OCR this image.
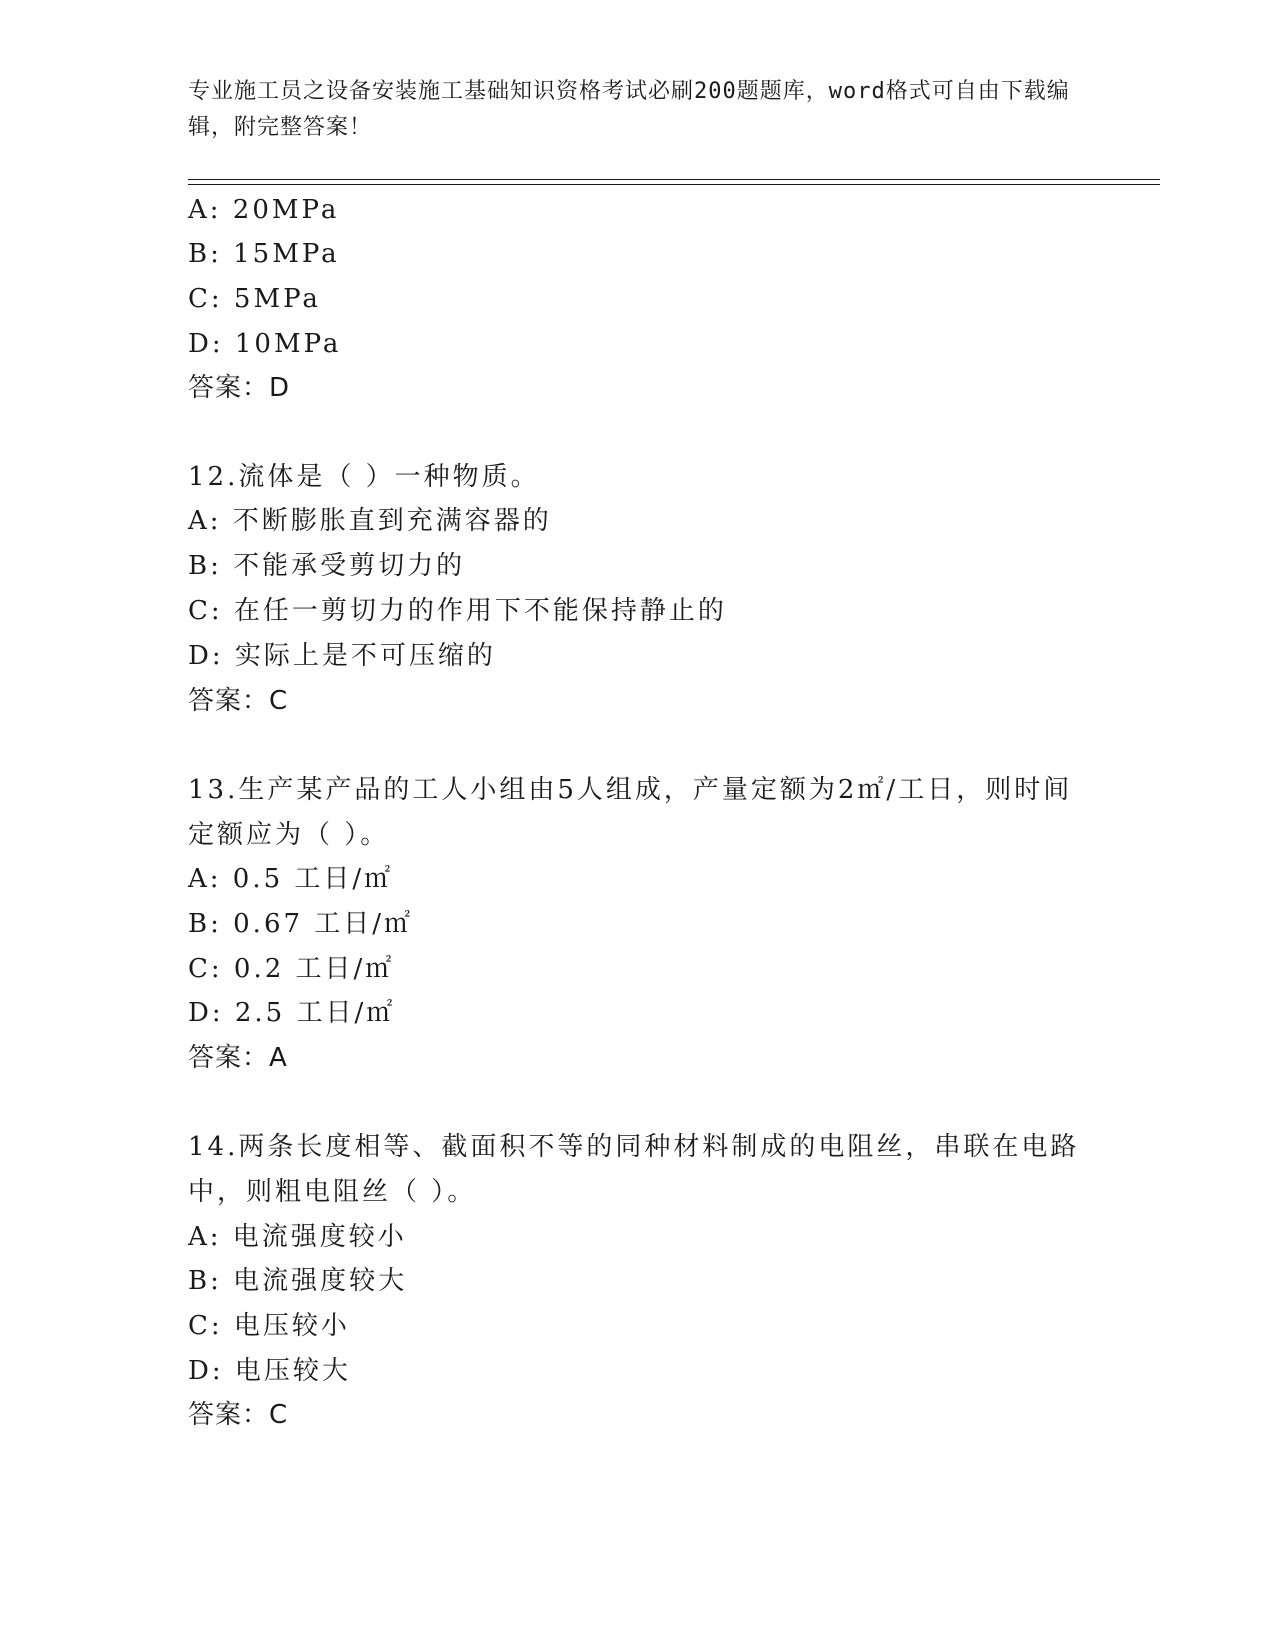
专业施工员之设备安装施工基础知识资格考试必刷200题题库，word格式可自由下载编辑，附完整答案！
A: 20MPa
B: 15MPa
C: 5MPa
D: 10MPa
答案：D
12.流体是（ ）一种物质。
A: 不断膨胀直到充满容器的
B: 不能承受剪切力的
C: 在任一剪切力的作用下不能保持静止的
D: 实际上是不可压缩的
答案：C
13.生产某产品的工人小组由5人组成，产量定额为2㎡/工日，则时间
定额应为（ ）。
A: 0.5 工日/㎡
B: 0.67 工日/㎡
C: 0.2 工日/㎡
D: 2.5 工日/㎡
答案：A
14.两条长度相等、截面积不等的同种材料制成的电阻丝，串联在电路
中，则粗电阻丝（ ）。
A: 电流强度较小
B: 电流强度较大
C: 电压较小
D: 电压较大
答案：C
